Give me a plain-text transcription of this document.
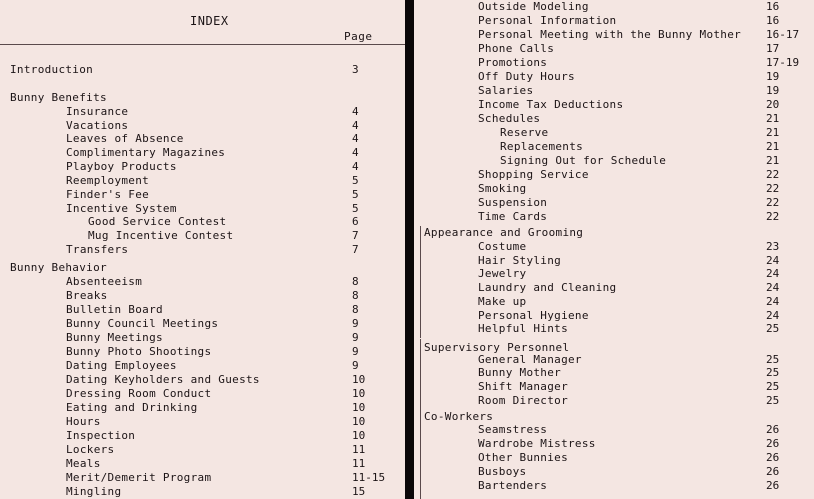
INDEX
Page
Introduction	3
Bunny Benefits
Insurance	4
Vacations	4
Leaves of Absence	4
Complimentary Magazines	4
Playboy Products	4
Reemployment	5
Finder's Fee	5
Incentive System	5
Good Service Contest	6
Mug Incentive Contest	7
Transfers	7
Bunny Behavior
Absenteeism	8
Breaks	8
Bulletin Board	8
Bunny Council Meetings	9
Bunny Meetings	9
Bunny Photo Shootings	9
Dating Employees	9
Dating Keyholders and Guests	10
Dressing Room Conduct	10
Eating and Drinking	10
Hours	10
Inspection	10
Lockers	11
Meals	11
Merit/Demerit Program	11-15
Mingling	15
Outside Modeling	16
Personal Information	16
Personal Meeting with the Bunny Mother 16-17
Phone Calls	17
Promotions	17-19
Off Duty Hours	19
Salaries	19
Income Tax Deductions	20
Schedules	21
Reserve	21
Replacements	21
Signing Out for Schedule	21
Shopping Service	22
Smoking	22
Suspension	22
Time Cards	22
Appearance and Grooming
Costume	23
Hair Styling	24
Jewelry	24
Laundry and Cleaning	24
Make up	24
Personal Hygiene	24
Helpful Hints	25
Supervisory Personnel
General Manager	25
Bunny Mother	25
Shift Manager	25
Room Director	25
Co-Workers
Seamstress	26
Wardrobe Mistress	26
Other Bunnies	26
Busboys	26
Bartenders	26
